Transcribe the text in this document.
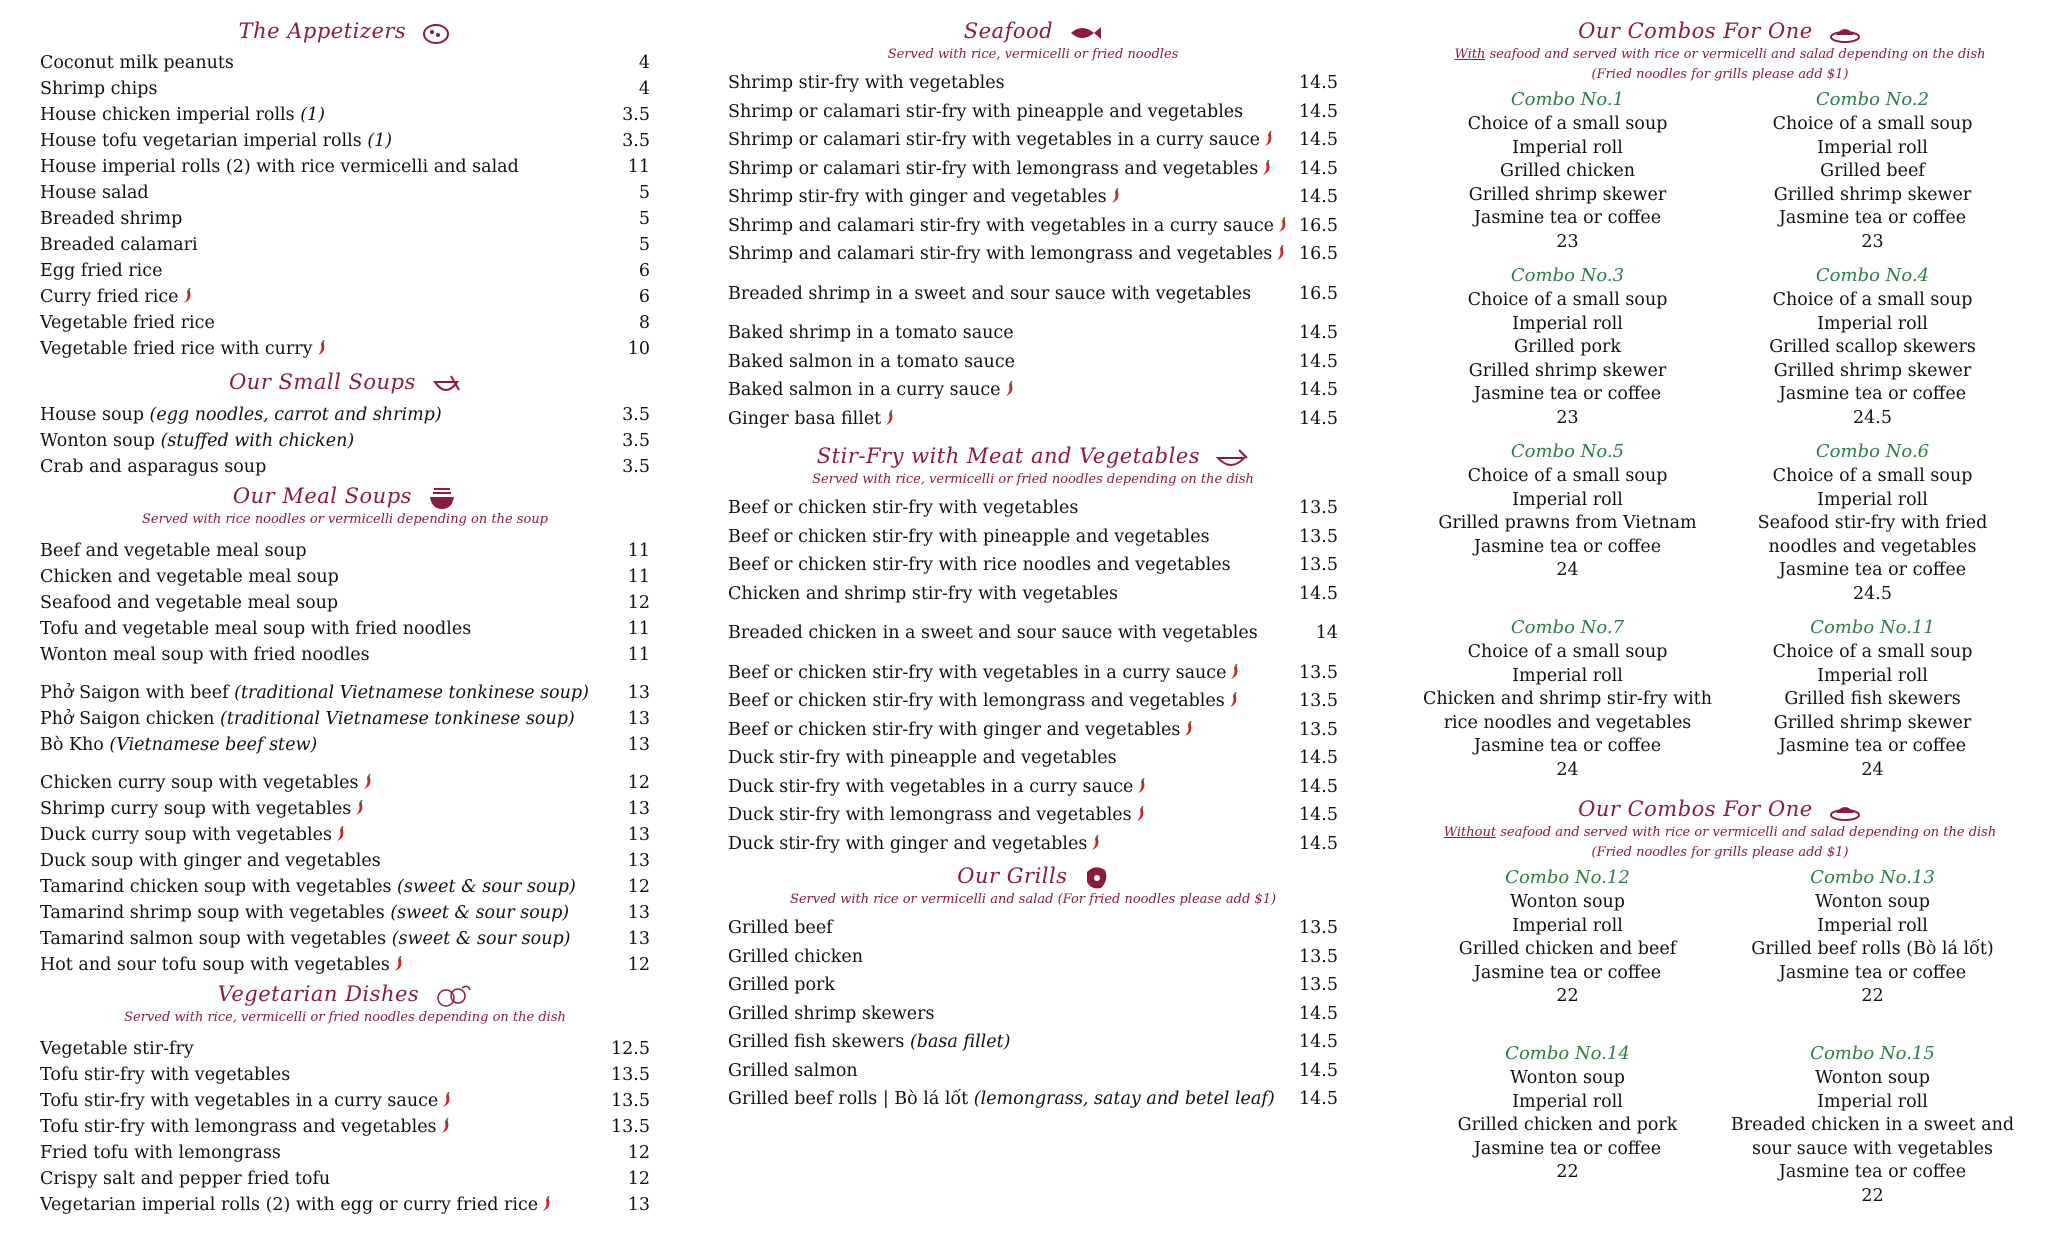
The Appetizers
Coconut milk peanuts	4
Shrimp chips	4
House chicken imperial rolls (1)	3.5
House tofu vegetarian imperial rolls (1)	3.5
House imperial rolls (2) with rice vermicelli and salad	11
House salad	5
Breaded shrimp	5
Breaded calamari	5
Egg fried rice	6
Curry fried rice	6
Vegetable fried rice	8
Vegetable fried rice with curry	10
Our Small Soups
House soup (egg noodles, carrot and shrimp)	3.5
Wonton soup (stuffed with chicken)	3.5
Crab and asparagus soup	3.5
Our Meal Soups
Served with rice noodles or vermicelli depending on the soup
Beef and vegetable meal soup	11
Chicken and vegetable meal soup	11
Seafood and vegetable meal soup	12
Tofu and vegetable meal soup with fried noodles	11
Wonton meal soup with fried noodles	11
Phở Saigon with beef (traditional Vietnamese tonkinese soup)	13
Phở Saigon chicken (traditional Vietnamese tonkinese soup)	13
Bò Kho (Vietnamese beef stew)	13
Chicken curry soup with vegetables	12
Shrimp curry soup with vegetables	13
Duck curry soup with vegetables	13
Duck soup with ginger and vegetables	13
Tamarind chicken soup with vegetables (sweet & sour soup)	12
Tamarind shrimp soup with vegetables (sweet & sour soup)	13
Tamarind salmon soup with vegetables (sweet & sour soup)	13
Hot and sour tofu soup with vegetables	12
Vegetarian Dishes
Served with rice, vermicelli or fried noodles depending on the dish
Vegetable stir-fry	12.5
Tofu stir-fry with vegetables	13.5
Tofu stir-fry with vegetables in a curry sauce	13.5
Tofu stir-fry with lemongrass and vegetables	13.5
Fried tofu with lemongrass	12
Crispy salt and pepper fried tofu	12
Vegetarian imperial rolls (2) with egg or curry fried rice	13
Seafood
Served with rice, vermicelli or fried noodles
Shrimp stir-fry with vegetables	14.5
Shrimp or calamari stir-fry with pineapple and vegetables	14.5
Shrimp or calamari stir-fry with vegetables in a curry sauce	14.5
Shrimp or calamari stir-fry with lemongrass and vegetables	14.5
Shrimp stir-fry with ginger and vegetables	14.5
Shrimp and calamari stir-fry with vegetables in a curry sauce	16.5
Shrimp and calamari stir-fry with lemongrass and vegetables	16.5
Breaded shrimp in a sweet and sour sauce with vegetables	16.5
Baked shrimp in a tomato sauce	14.5
Baked salmon in a tomato sauce	14.5
Baked salmon in a curry sauce	14.5
Ginger basa fillet	14.5
Stir-Fry with Meat and Vegetables
Served with rice, vermicelli or fried noodles depending on the dish
Beef or chicken stir-fry with vegetables	13.5
Beef or chicken stir-fry with pineapple and vegetables	13.5
Beef or chicken stir-fry with rice noodles and vegetables	13.5
Chicken and shrimp stir-fry with vegetables	14.5
Breaded chicken in a sweet and sour sauce with vegetables	14
Beef or chicken stir-fry with vegetables in a curry sauce	13.5
Beef or chicken stir-fry with lemongrass and vegetables	13.5
Beef or chicken stir-fry with ginger and vegetables	13.5
Duck stir-fry with pineapple and vegetables	14.5
Duck stir-fry with vegetables in a curry sauce	14.5
Duck stir-fry with lemongrass and vegetables	14.5
Duck stir-fry with ginger and vegetables	14.5
Our Grills
Served with rice or vermicelli and salad (For fried noodles please add $1)
Grilled beef	13.5
Grilled chicken	13.5
Grilled pork	13.5
Grilled shrimp skewers	14.5
Grilled fish skewers (basa fillet)	14.5
Grilled salmon	14.5
Grilled beef rolls | Bò lá lốt (lemongrass, satay and betel leaf)	14.5
Our Combos For One
With seafood and served with rice or vermicelli and salad depending on the dish
(Fried noodles for grills please add $1)
Combo No.1
Choice of a small soup
Imperial roll
Grilled chicken
Grilled shrimp skewer
Jasmine tea or coffee
23
Combo No.2
Choice of a small soup
Imperial roll
Grilled beef
Grilled shrimp skewer
Jasmine tea or coffee
23
Combo No.3
Choice of a small soup
Imperial roll
Grilled pork
Grilled shrimp skewer
Jasmine tea or coffee
23
Combo No.4
Choice of a small soup
Imperial roll
Grilled scallop skewers
Grilled shrimp skewer
Jasmine tea or coffee
24.5
Combo No.5
Choice of a small soup
Imperial roll
Grilled prawns from Vietnam
Jasmine tea or coffee
24
Combo No.6
Choice of a small soup
Imperial roll
Seafood stir-fry with fried
noodles and vegetables
Jasmine tea or coffee
24.5
Combo No.7
Choice of a small soup
Imperial roll
Chicken and shrimp stir-fry with
rice noodles and vegetables
Jasmine tea or coffee
24
Combo No.11
Choice of a small soup
Imperial roll
Grilled fish skewers
Grilled shrimp skewer
Jasmine tea or coffee
24
Our Combos For One
Without seafood and served with rice or vermicelli and salad depending on the dish
(Fried noodles for grills please add $1)
Combo No.12
Wonton soup
Imperial roll
Grilled chicken and beef
Jasmine tea or coffee
22
Combo No.13
Wonton soup
Imperial roll
Grilled beef rolls (Bò lá lốt)
Jasmine tea or coffee
22
Combo No.14
Wonton soup
Imperial roll
Grilled chicken and pork
Jasmine tea or coffee
22
Combo No.15
Wonton soup
Imperial roll
Breaded chicken in a sweet and
sour sauce with vegetables
Jasmine tea or coffee
22
